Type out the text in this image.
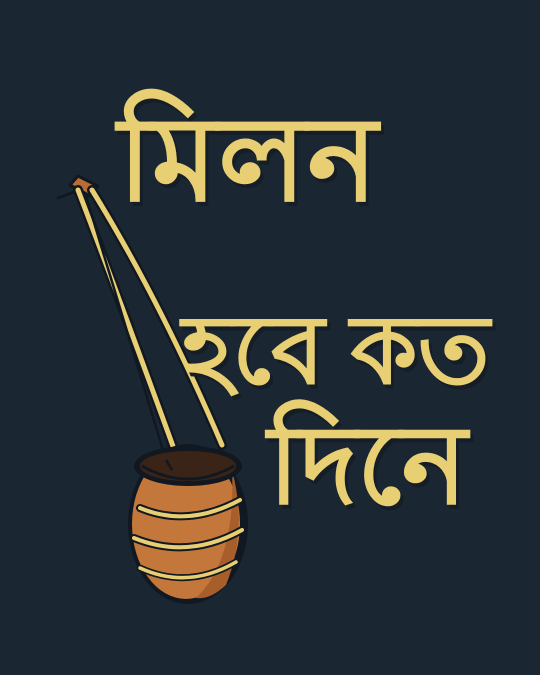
মিলন
হবে কত
দিনে
